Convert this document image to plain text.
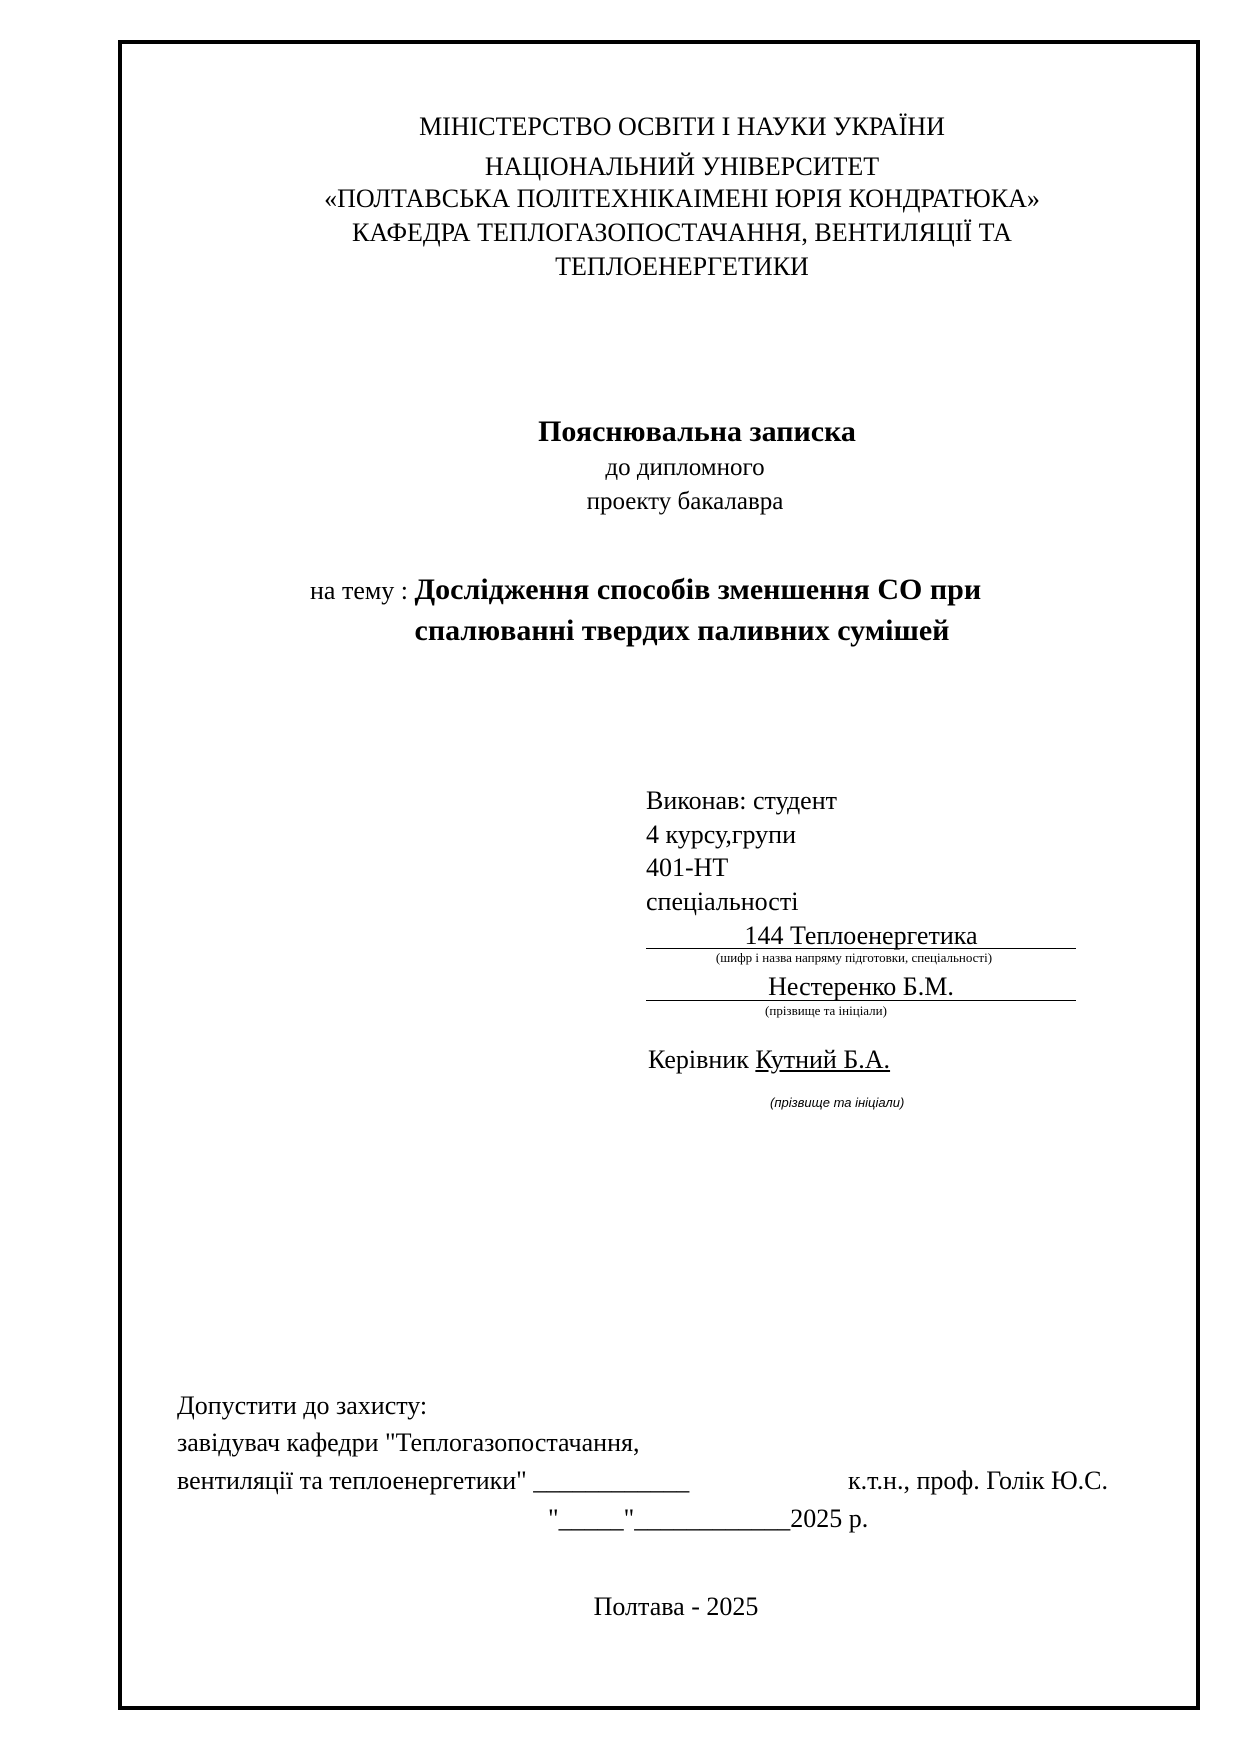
МІНІСТЕРСТВО ОСВІТИ І НАУКИ УКРАЇНИ
НАЦІОНАЛЬНИЙ УНІВЕРСИТЕТ
«ПОЛТАВСЬКА ПОЛІТЕХНІКАІМЕНІ ЮРІЯ КОНДРАТЮКА»
КАФЕДРА ТЕПЛОГАЗОПОСТАЧАННЯ, ВЕНТИЛЯЦІЇ ТА
ТЕПЛОЕНЕРГЕТИКИ
Пояснювальна записка
до дипломного
проекту бакалавра
на тему : Дослідження способів зменшення CO при
спалюванні твердих паливних сумішей
Виконав: студент
4 курсу,групи
401-НТ
спеціальності
144 Теплоенергетика
(шифр і назва напряму підготовки, спеціальності)
Нестеренко Б.М.
(прізвище та ініціали)
Керівник Кутний Б.А.
(прізвище та ініціали)
Допустити до захисту:
завідувач кафедри "Теплогазопостачання,
вентиляції та теплоенергетики" ____________	к.т.н., проф. Голік Ю.С.
"_____"____________2025 р.
Полтава - 2025
